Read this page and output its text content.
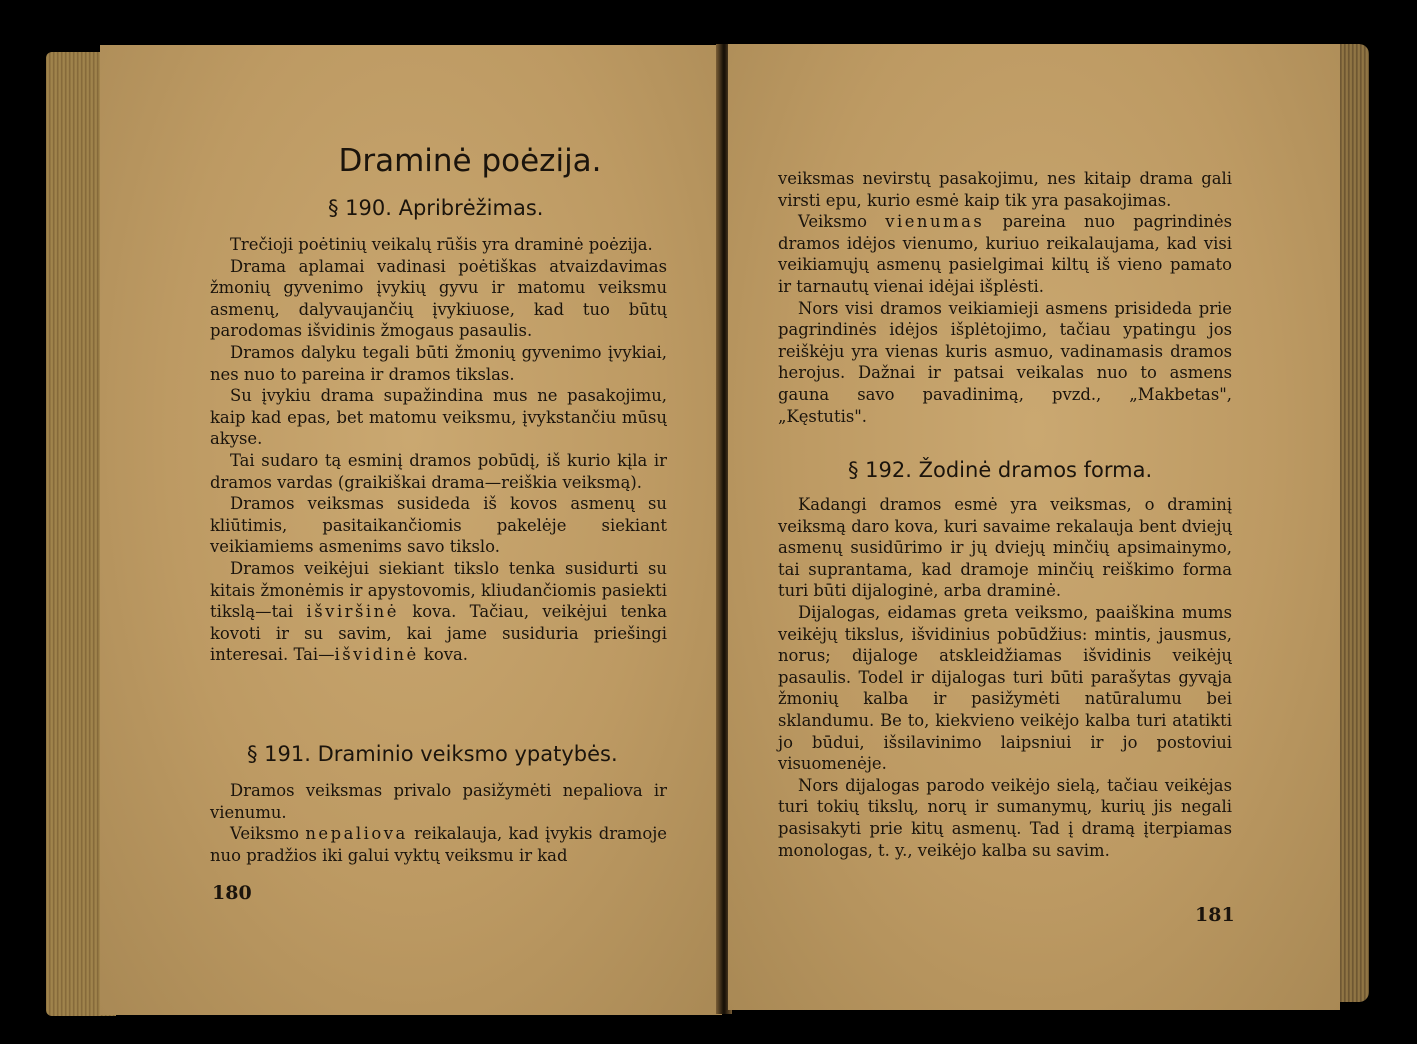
Draminė poėzija.
§ 190. Apribrėžimas.

Trečioji poėtinių veikalų rūšis yra draminė poėzija.

Drama aplamai vadinasi poėtiškas atvaizdavimas žmonių gyvenimo įvykių gyvu ir matomu veiksmu asmenų, dalyvaujančių įvykiuose, kad tuo būtų parodomas išvidinis žmogaus pasaulis.

Dramos dalyku tegali būti žmonių gyvenimo įvykiai, nes nuo to pareina ir dramos tikslas.

Su įvykiu drama supažindina mus ne pasakojimu, kaip kad epas, bet matomu veiksmu, įvykstančiu mūsų akyse.

Tai sudaro tą esminį dramos pobūdį, iš kurio kįla ir dramos vardas (graikiškai drama—reiškia veiksmą).

Dramos veiksmas susideda iš kovos asmenų su kliūtimis, pasitaikančiomis pakelėje siekiant veikiamiems asmenims savo tikslo.

Dramos veikėjui siekiant tikslo tenka susidurti su kitais žmonėmis ir apystovomis, kliudančiomis pasiekti tikslą—tai išviršinė kova. Tačiau, veikėjui tenka kovoti ir su savim, kai jame susiduria priešingi interesai. Tai—išvidinė kova.

§ 191. Draminio veiksmo ypatybės.

Dramos veiksmas privalo pasižymėti nepaliova ir vienumu.

Veiksmo nepaliova reikalauja, kad įvykis dramoje nuo pradžios iki galui vyktų veiksmu ir kad

180

veiksmas nevirstų pasakojimu, nes kitaip drama gali virsti epu, kurio esmė kaip tik yra pasakojimas.

Veiksmo vienumas pareina nuo pagrindinės dramos idėjos vienumo, kuriuo reikalaujama, kad visi veikiamųjų asmenų pasielgimai kiltų iš vieno pamato ir tarnautų vienai idėjai išplėsti.

Nors visi dramos veikiamieji asmens prisideda prie pagrindinės idėjos išplėtojimo, tačiau ypatingu jos reiškėju yra vienas kuris asmuo, vadinamasis dramos herojus. Dažnai ir patsai veikalas nuo to asmens gauna savo pavadinimą, pvzd., „Makbetas", „Kęstutis".

§ 192. Žodinė dramos forma.

Kadangi dramos esmė yra veiksmas, o draminį veiksmą daro kova, kuri savaime rekalauja bent dviejų asmenų susidūrimo ir jų dviejų minčių apsimainymo, tai suprantama, kad dramoje minčių reiškimo forma turi būti dijaloginė, arba draminė.

Dijalogas, eidamas greta veiksmo, paaiškina mums veikėjų tikslus, išvidinius pobūdžius: mintis, jausmus, norus; dijaloge atskleidžiamas išvidinis veikėjų pasaulis. Todel ir dijalogas turi būti parašytas gyvąja žmonių kalba ir pasižymėti natūralumu bei sklandumu. Be to, kiekvieno veikėjo kalba turi atatikti jo būdui, išsilavinimo laipsniui ir jo postoviui visuomenėje.

Nors dijalogas parodo veikėjo sielą, tačiau veikėjas turi tokių tikslų, norų ir sumanymų, kurių jis negali pasisakyti prie kitų asmenų. Tad į dramą įterpiamas monologas, t. y., veikėjo kalba su savim.

181
